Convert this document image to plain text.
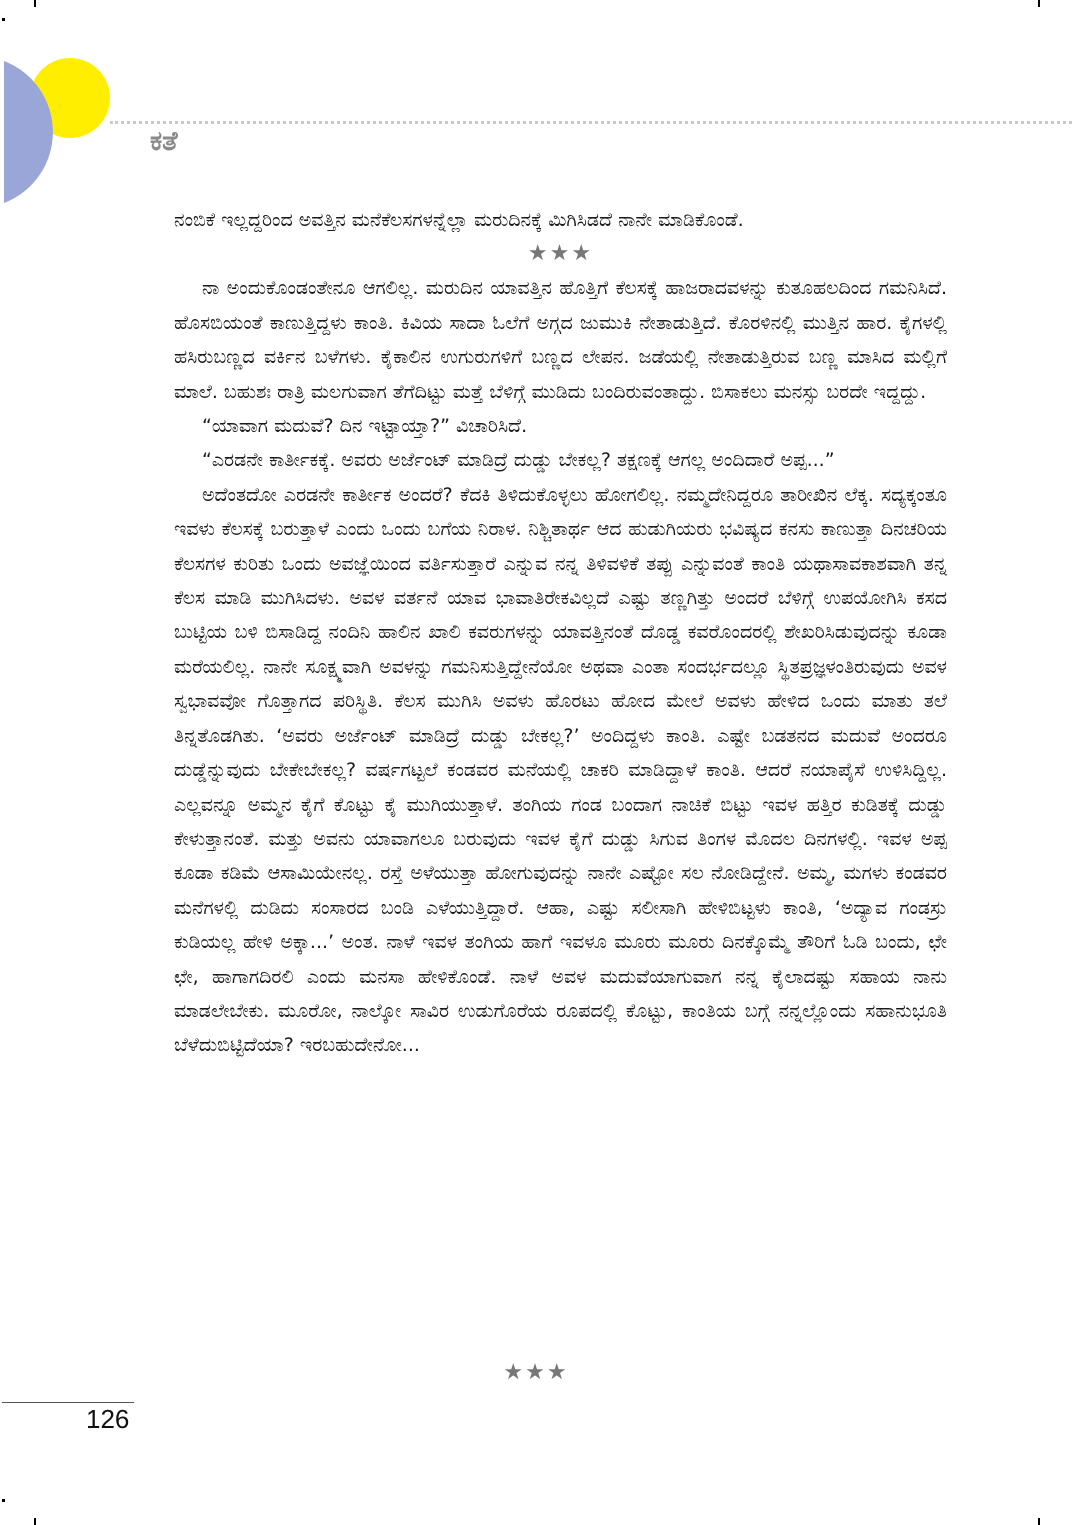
ಕತೆ

ನಂಬಿಕೆ ಇಲ್ಲದ್ದರಿಂದ ಅವತ್ತಿನ ಮನೆಕೆಲಸಗಳನ್ನೆಲ್ಲಾ ಮರುದಿನಕ್ಕೆ ಮಿಗಿಸಿಡದೆ ನಾನೇ ಮಾಡಿಕೊಂಡೆ.

★★★

ನಾ ಅಂದುಕೊಂಡಂತೇನೂ ಆಗಲಿಲ್ಲ. ಮರುದಿನ ಯಾವತ್ತಿನ ಹೊತ್ತಿಗೆ ಕೆಲಸಕ್ಕೆ ಹಾಜರಾದವಳನ್ನು ಕುತೂಹಲದಿಂದ ಗಮನಿಸಿದೆ. ಹೊಸಬಿಯಂತೆ ಕಾಣುತ್ತಿದ್ದಳು ಕಾಂತಿ. ಕಿವಿಯ ಸಾದಾ ಓಲೆಗೆ ಅಗ್ಗದ ಜುಮುಕಿ ನೇತಾಡುತ್ತಿದೆ. ಕೊರಳಿನಲ್ಲಿ ಮುತ್ತಿನ ಹಾರ. ಕೈಗಳಲ್ಲಿ ಹಸಿರುಬಣ್ಣದ ವರ್ಕಿನ ಬಳೆಗಳು. ಕೈಕಾಲಿನ ಉಗುರುಗಳಿಗೆ ಬಣ್ಣದ ಲೇಪನ. ಜಡೆಯಲ್ಲಿ ನೇತಾಡುತ್ತಿರುವ ಬಣ್ಣ ಮಾಸಿದ ಮಲ್ಲಿಗೆ ಮಾಲೆ. ಬಹುಶಃ ರಾತ್ರಿ ಮಲಗುವಾಗ ತೆಗೆದಿಟ್ಟು ಮತ್ತೆ ಬೆಳಿಗ್ಗೆ ಮುಡಿದು ಬಂದಿರುವಂತಾದ್ದು. ಬಿಸಾಕಲು ಮನಸ್ಸು ಬರದೇ ಇದ್ದದ್ದು.

“ಯಾವಾಗ ಮದುವೆ? ದಿನ ಇಟ್ಟಾಯ್ತಾ?” ವಿಚಾರಿಸಿದೆ.

“ಎರಡನೇ ಕಾರ್ತೀಕಕ್ಕೆ. ಅವರು ಅರ್ಜೆಂಟ್ ಮಾಡಿದ್ರೆ ದುಡ್ಡು ಬೇಕಲ್ಲ? ತಕ್ಷಣಕ್ಕೆ ಆಗಲ್ಲ ಅಂದಿದಾರೆ ಅಪ್ಪ...”

ಅದೆಂತದೋ ಎರಡನೇ ಕಾರ್ತೀಕ ಅಂದರೆ? ಕೆದಕಿ ತಿಳಿದುಕೊಳ್ಳಲು ಹೋಗಲಿಲ್ಲ. ನಮ್ಮದೇನಿದ್ದರೂ ತಾರೀಖಿನ ಲೆಕ್ಕ. ಸದ್ಯಕ್ಕಂತೂ ಇವಳು ಕೆಲಸಕ್ಕೆ ಬರುತ್ತಾಳೆ ಎಂದು ಒಂದು ಬಗೆಯ ನಿರಾಳ. ನಿಶ್ಚಿತಾರ್ಥ ಆದ ಹುಡುಗಿಯರು ಭವಿಷ್ಯದ ಕನಸು ಕಾಣುತ್ತಾ ದಿನಚರಿಯ ಕೆಲಸಗಳ ಕುರಿತು ಒಂದು ಅವಜ್ಞೆಯಿಂದ ವರ್ತಿಸುತ್ತಾರೆ ಎನ್ನುವ ನನ್ನ ತಿಳಿವಳಿಕೆ ತಪ್ಪು ಎನ್ನುವಂತೆ ಕಾಂತಿ ಯಥಾಸಾವಕಾಶವಾಗಿ ತನ್ನ ಕೆಲಸ ಮಾಡಿ ಮುಗಿಸಿದಳು. ಅವಳ ವರ್ತನೆ ಯಾವ ಭಾವಾತಿರೇಕವಿಲ್ಲದೆ ಎಷ್ಟು ತಣ್ಣಗಿತ್ತು ಅಂದರೆ ಬೆಳಿಗ್ಗೆ ಉಪಯೋಗಿಸಿ ಕಸದ ಬುಟ್ಟಿಯ ಬಳಿ ಬಿಸಾಡಿದ್ದ ನಂದಿನಿ ಹಾಲಿನ ಖಾಲಿ ಕವರುಗಳನ್ನು ಯಾವತ್ತಿನಂತೆ ದೊಡ್ಡ ಕವರೊಂದರಲ್ಲಿ ಶೇಖರಿಸಿಡುವುದನ್ನು ಕೂಡಾ ಮರೆಯಲಿಲ್ಲ. ನಾನೇ ಸೂಕ್ಷ್ಮವಾಗಿ ಅವಳನ್ನು ಗಮನಿಸುತ್ತಿದ್ದೇನೆಯೋ ಅಥವಾ ಎಂತಾ ಸಂದರ್ಭದಲ್ಲೂ ಸ್ಥಿತಪ್ರಜ್ಞಳಂತಿರುವುದು ಅವಳ ಸ್ವಭಾವವೋ ಗೊತ್ತಾಗದ ಪರಿಸ್ಥಿತಿ. ಕೆಲಸ ಮುಗಿಸಿ ಅವಳು ಹೊರಟು ಹೋದ ಮೇಲೆ ಅವಳು ಹೇಳಿದ ಒಂದು ಮಾತು ತಲೆ ತಿನ್ನತೊಡಗಿತು. ‘ಅವರು ಅರ್ಜೆಂಟ್ ಮಾಡಿದ್ರೆ ದುಡ್ಡು ಬೇಕಲ್ಲ?’ ಅಂದಿದ್ದಳು ಕಾಂತಿ. ಎಷ್ಟೇ ಬಡತನದ ಮದುವೆ ಅಂದರೂ ದುಡ್ಡೆನ್ನುವುದು ಬೇಕೇಬೇಕಲ್ಲ? ವರ್ಷಗಟ್ಟಲೆ ಕಂಡವರ ಮನೆಯಲ್ಲಿ ಚಾಕರಿ ಮಾಡಿದ್ದಾಳೆ ಕಾಂತಿ. ಆದರೆ ನಯಾಪೈಸೆ ಉಳಿಸಿದ್ದಿಲ್ಲ. ಎಲ್ಲವನ್ನೂ ಅಮ್ಮನ ಕೈಗೆ ಕೊಟ್ಟು ಕೈ ಮುಗಿಯುತ್ತಾಳೆ. ತಂಗಿಯ ಗಂಡ ಬಂದಾಗ ನಾಚಿಕೆ ಬಿಟ್ಟು ಇವಳ ಹತ್ತಿರ ಕುಡಿತಕ್ಕೆ ದುಡ್ಡು ಕೇಳುತ್ತಾನಂತೆ. ಮತ್ತು ಅವನು ಯಾವಾಗಲೂ ಬರುವುದು ಇವಳ ಕೈಗೆ ದುಡ್ಡು ಸಿಗುವ ತಿಂಗಳ ಮೊದಲ ದಿನಗಳಲ್ಲಿ. ಇವಳ ಅಪ್ಪ ಕೂಡಾ ಕಡಿಮೆ ಆಸಾಮಿಯೇನಲ್ಲ. ರಸ್ತೆ ಅಳೆಯುತ್ತಾ ಹೋಗುವುದನ್ನು ನಾನೇ ಎಷ್ಟೋ ಸಲ ನೋಡಿದ್ದೇನೆ. ಅಮ್ಮ, ಮಗಳು ಕಂಡವರ ಮನೆಗಳಲ್ಲಿ ದುಡಿದು ಸಂಸಾರದ ಬಂಡಿ ಎಳೆಯುತ್ತಿದ್ದಾರೆ. ಆಹಾ, ಎಷ್ಟು ಸಲೀಸಾಗಿ ಹೇಳಿಬಿಟ್ಟಳು ಕಾಂತಿ, ‘ಅದ್ಯಾವ ಗಂಡಸ್ರು ಕುಡಿಯಲ್ಲ ಹೇಳಿ ಅಕ್ಕಾ...’ ಅಂತ. ನಾಳೆ ಇವಳ ತಂಗಿಯ ಹಾಗೆ ಇವಳೂ ಮೂರು ಮೂರು ದಿನಕ್ಕೊಮ್ಮೆ ತೌರಿಗೆ ಓಡಿ ಬಂದು, ಛೇ ಛೇ, ಹಾಗಾಗದಿರಲಿ ಎಂದು ಮನಸಾ ಹೇಳಿಕೊಂಡೆ. ನಾಳೆ ಅವಳ ಮದುವೆಯಾಗುವಾಗ ನನ್ನ ಕೈಲಾದಷ್ಟು ಸಹಾಯ ನಾನು ಮಾಡಲೇಬೇಕು. ಮೂರೋ, ನಾಲ್ಕೋ ಸಾವಿರ ಉಡುಗೊರೆಯ ರೂಪದಲ್ಲಿ ಕೊಟ್ಟು, ಕಾಂತಿಯ ಬಗ್ಗೆ ನನ್ನಲ್ಲೊಂದು ಸಹಾನುಭೂತಿ ಬೆಳೆದುಬಿಟ್ಟಿದೆಯಾ? ಇರಬಹುದೇನೋ...

★★★
126
